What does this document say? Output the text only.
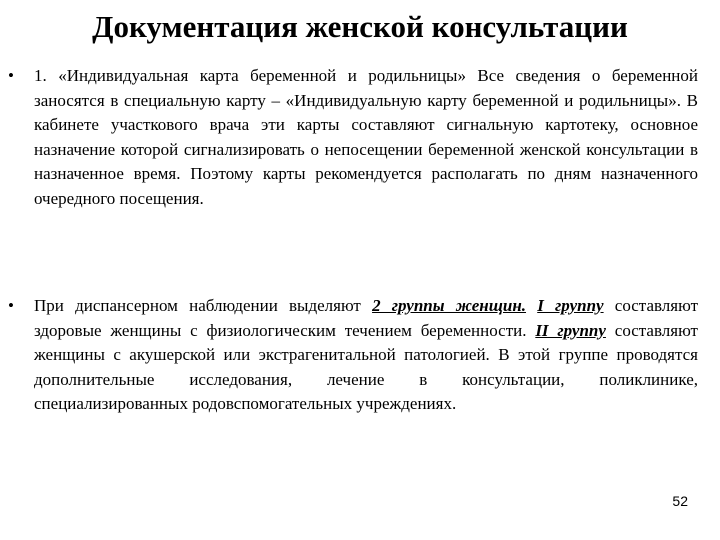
Документация женской консультации
•	1. «Индивидуальная карта беременной и родильницы» Все сведения о беременной заносятся в специальную карту – «Индивидуальную карту беременной и родильницы». В кабинете участкового врача эти карты составляют сигнальную картотеку, основное назначение которой сигнализировать о непосещении беременной женской консультации в назначенное время. Поэтому карты рекомендуется располагать по дням назначенного очередного посещения.
•	При диспансерном наблюдении выделяют 2 группы женщин. I группу составляют здоровые женщины с физиологическим течением беременности. II группу составляют женщины с акушерской или экстрагенитальной патологией. В этой группе проводятся дополнительные исследования, лечение в консультации, поликлинике, специализированных родовспомогательных учреждениях.
52
